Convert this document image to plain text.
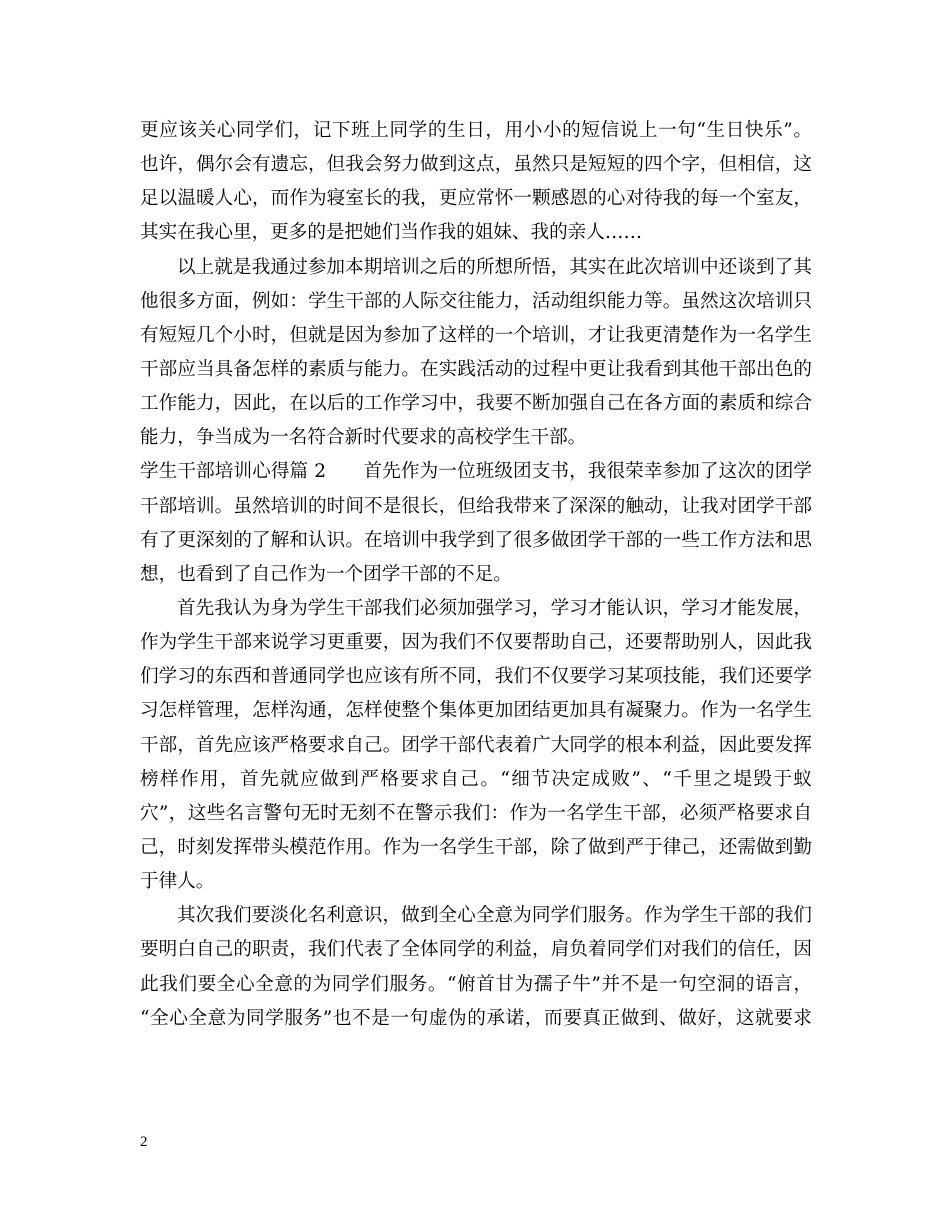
更应该关心同学们，记下班上同学的生日，用小小的短信说上一句“生日快乐”。
也许，偶尔会有遗忘，但我会努力做到这点，虽然只是短短的四个字，但相信，这
足以温暖人心，而作为寝室长的我，更应常怀一颗感恩的心对待我的每一个室友，
其实在我心里，更多的是把她们当作我的姐妹、我的亲人……
以上就是我通过参加本期培训之后的所想所悟，其实在此次培训中还谈到了其
他很多方面，例如：学生干部的人际交往能力，活动组织能力等。虽然这次培训只
有短短几个小时，但就是因为参加了这样的一个培训，才让我更清楚作为一名学生
干部应当具备怎样的素质与能力。在实践活动的过程中更让我看到其他干部出色的
工作能力，因此，在以后的工作学习中，我要不断加强自己在各方面的素质和综合
能力，争当成为一名符合新时代要求的高校学生干部。
学生干部培训心得篇 2　　首先作为一位班级团支书，我很荣幸参加了这次的团学
干部培训。虽然培训的时间不是很长，但给我带来了深深的触动，让我对团学干部
有了更深刻的了解和认识。在培训中我学到了很多做团学干部的一些工作方法和思
想，也看到了自己作为一个团学干部的不足。
首先我认为身为学生干部我们必须加强学习，学习才能认识，学习才能发展，
作为学生干部来说学习更重要，因为我们不仅要帮助自己，还要帮助别人，因此我
们学习的东西和普通同学也应该有所不同，我们不仅要学习某项技能，我们还要学
习怎样管理，怎样沟通，怎样使整个集体更加团结更加具有凝聚力。作为一名学生
干部，首先应该严格要求自己。团学干部代表着广大同学的根本利益，因此要发挥
榜样作用，首先就应做到严格要求自己。“细节决定成败”、“千里之堤毁于蚁
穴”，这些名言警句无时无刻不在警示我们：作为一名学生干部，必须严格要求自
己，时刻发挥带头模范作用。作为一名学生干部，除了做到严于律己，还需做到勤
于律人。
其次我们要淡化名利意识，做到全心全意为同学们服务。作为学生干部的我们
要明白自己的职责，我们代表了全体同学的利益，肩负着同学们对我们的信任，因
此我们要全心全意的为同学们服务。“俯首甘为孺子牛”并不是一句空洞的语言，
“全心全意为同学服务”也不是一句虚伪的承诺，而要真正做到、做好，这就要求
2
